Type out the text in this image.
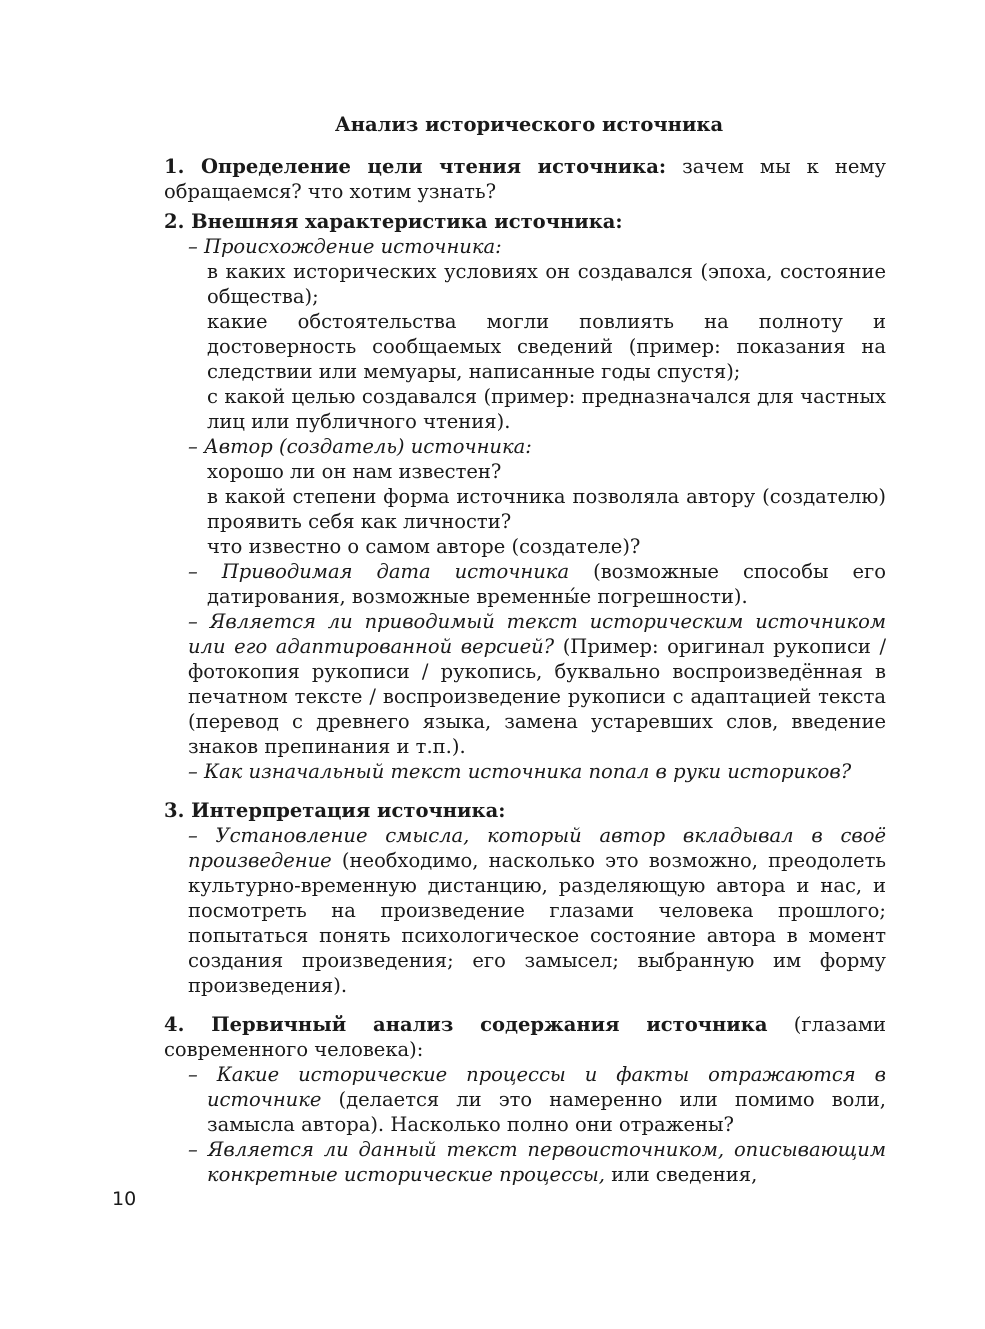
Анализ исторического источника
1. Определение цели чтения источника: зачем мы к нему обращаемся? что хотим узнать?
2. Внешняя характеристика источника:
– Происхождение источника:
в каких исторических условиях он создавался (эпоха, состояние общества);
какие обстоятельства могли повлиять на полноту и достоверность сообщаемых сведений (пример: показания на следствии или мемуары, написанные годы спустя);
с какой целью создавался (пример: предназначался для частных лиц или публичного чтения).
– Автор (создатель) источника:
хорошо ли он нам известен?
в какой степени форма источника позволяла автору (создателю) проявить себя как личности?
что известно о самом авторе (создателе)?
– Приводимая дата источника (возможные способы его датирования, возможные временны́е погрешности).
– Является ли приводимый текст историческим источником или его адаптированной версией? (Пример: оригинал рукописи / фотокопия рукописи / рукопись, буквально воспроизведённая в печатном тексте / воспроизведение рукописи с адаптацией текста (перевод с древнего языка, замена устаревших слов, введение знаков препинания и т.п.).
– Как изначальный текст источника попал в руки историков?
3. Интерпретация источника:
– Установление смысла, который автор вкладывал в своё произведение (необходимо, насколько это возможно, преодолеть культурно-временную дистанцию, разделяющую автора и нас, и посмотреть на произведение глазами человека прошлого; попытаться понять психологическое состояние автора в момент создания произведения; его замысел; выбранную им форму произведения).
4. Первичный анализ содержания источника (глазами современного человека):
– Какие исторические процессы и факты отражаются в источнике (делается ли это намеренно или помимо воли, замысла автора). Насколько полно они отражены?
– Является ли данный текст первоисточником, описывающим конкретные исторические процессы, или сведения,
10
